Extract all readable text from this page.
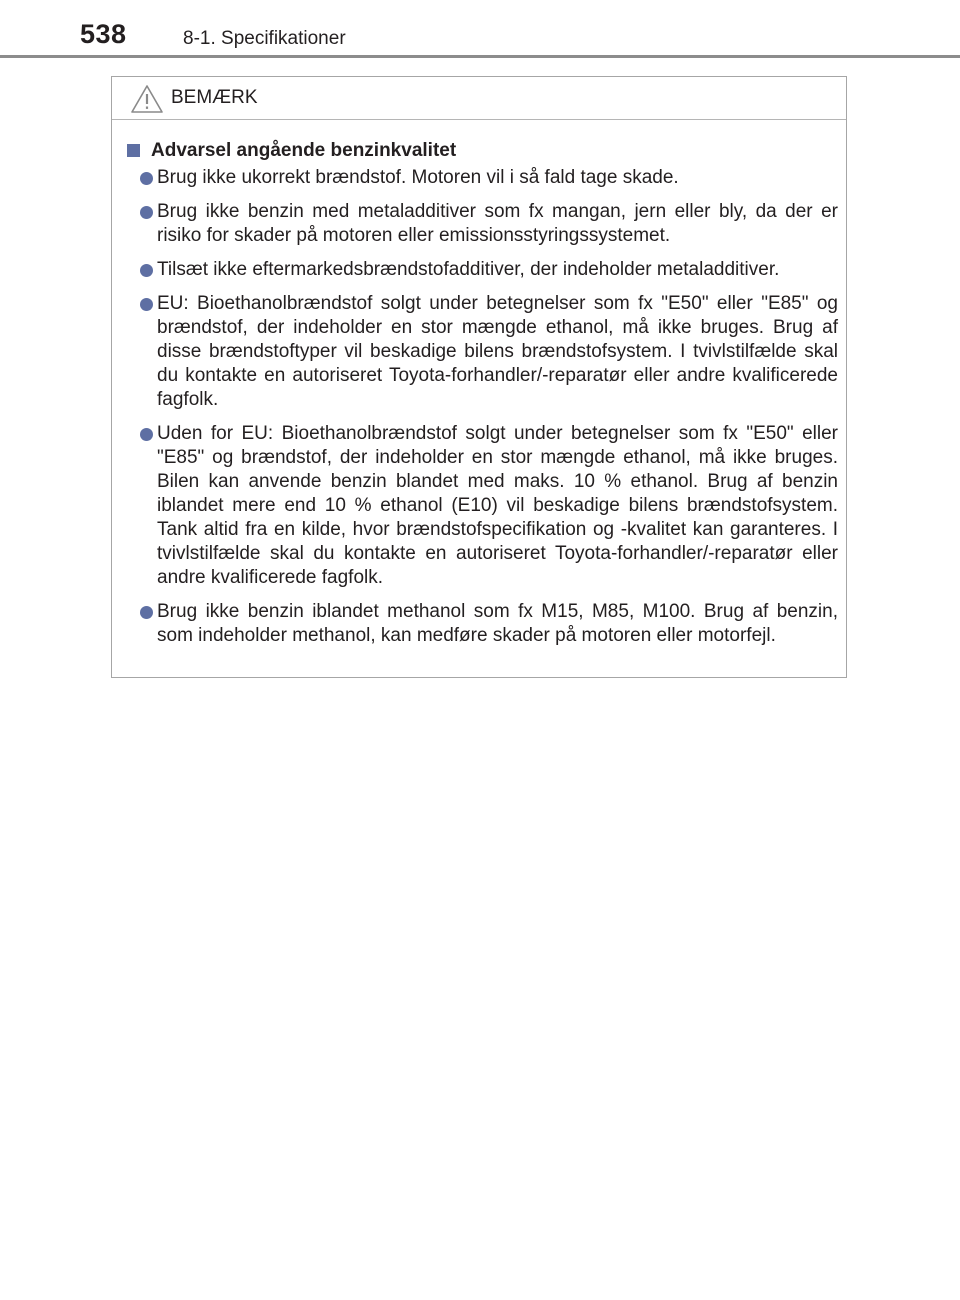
538	8-1. Specifikationer
BEMÆRK
Advarsel angående benzinkvalitet
Brug ikke ukorrekt brændstof. Motoren vil i så fald tage skade.
Brug ikke benzin med metaladditiver som fx mangan, jern eller bly, da der er risiko for skader på motoren eller emissionsstyringssystemet.
Tilsæt ikke eftermarkedsbrændstofadditiver, der indeholder metaladditiver.
EU: Bioethanolbrændstof solgt under betegnelser som fx "E50" eller "E85" og brændstof, der indeholder en stor mængde ethanol, må ikke bruges. Brug af disse brændstoftyper vil beskadige bilens brændstofsystem. I tvivlstilfælde skal du kontakte en autoriseret Toyota-forhandler/-reparatør eller andre kvalificerede fagfolk.
Uden for EU: Bioethanolbrændstof solgt under betegnelser som fx "E50" eller "E85" og brændstof, der indeholder en stor mængde ethanol, må ikke bruges. Bilen kan anvende benzin blandet med maks. 10 % ethanol. Brug af benzin iblandet mere end 10 % ethanol (E10) vil beskadige bilens brændstofsystem. Tank altid fra en kilde, hvor brændstofspecifikation og -kvalitet kan garanteres. I tvivlstilfælde skal du kontakte en autoriseret Toyota-forhandler/-reparatør eller andre kvalificerede fagfolk.
Brug ikke benzin iblandet methanol som fx M15, M85, M100. Brug af benzin, som indeholder methanol, kan medføre skader på motoren eller motorfejl.
